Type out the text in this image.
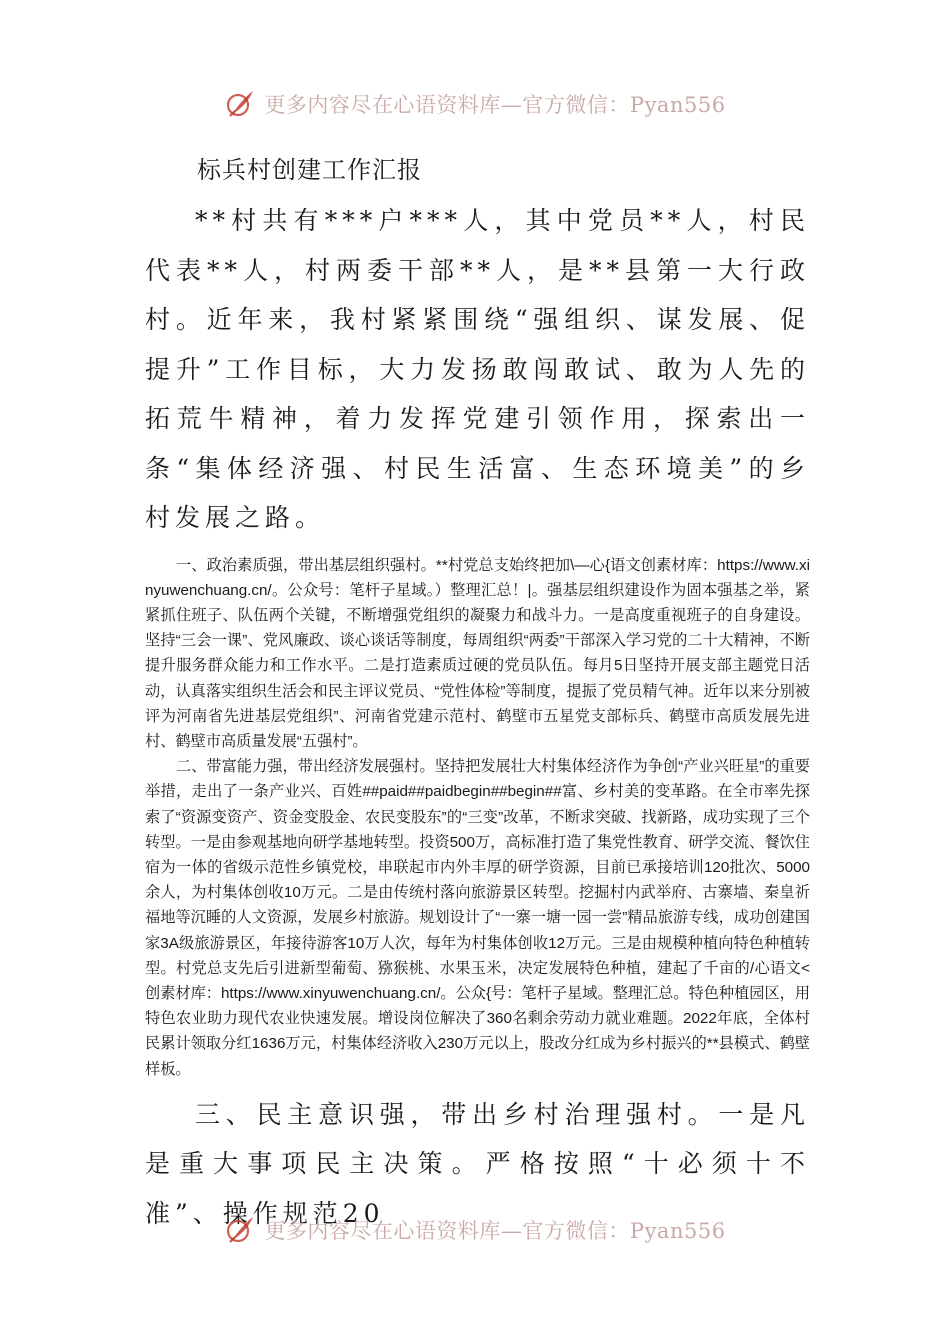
更多内容尽在心语资料库—官方微信：Pyan556
标兵村创建工作汇报

**村共有***户***人，其中党员**人，村民代表**人，村两委干部**人，是**县第一大行政村。近年来，我村紧紧围绕“强组织、谋发展、促提升”工作目标，大力发扬敢闯敢试、敢为人先的拓荒牛精神，着力发挥党建引领作用，探索出一条“集体经济强、村民生活富、生态环境美”的乡村发展之路。

一、政治素质强，带出基层组织强村。**村党总支始终把加\—心{语文创素材库：https://www.xinyuwenchuang.cn/。公众号：笔杆子星域。）整理汇总！|。强基层组织建设作为固本强基之举，紧紧抓住班子、队伍两个关键，不断增强党组织的凝聚力和战斗力。一是高度重视班子的自身建设。坚持“三会一课”、党风廉政、谈心谈话等制度，每周组织“两委”干部深入学习党的二十大精神，不断提升服务群众能力和工作水平。二是打造素质过硬的党员队伍。每月5日坚持开展支部主题党日活动，认真落实组织生活会和民主评议党员、“党性体检”等制度，提振了党员精气神。近年以来分别被评为河南省先进基层党组织”、河南省党建示范村、鹤壁市五星党支部标兵、鹤壁市高质发展先进村、鹤壁市高质量发展“五强村”。

二、带富能力强，带出经济发展强村。坚持把发展壮大村集体经济作为争创“产业兴旺星”的重要举措，走出了一条产业兴、百姓##paid##paidbegin##begin##富、乡村美的变革路。在全市率先探索了“资源变资产、资金变股金、农民变股东”的“三变”改革，不断求突破、找新路，成功实现了三个转型。一是由参观基地向研学基地转型。投资500万，高标准打造了集党性教育、研学交流、餐饮住宿为一体的省级示范性乡镇党校，串联起市内外丰厚的研学资源，目前已承接培训120批次、5000余人，为村集体创收10万元。二是由传统村落向旅游景区转型。挖掘村内武举府、古寨墙、秦皇祈福地等沉睡的人文资源，发展乡村旅游。规划设计了“一寨一塘一园一尝”精品旅游专线，成功创建国家3A级旅游景区，年接待游客10万人次，每年为村集体创收12万元。三是由规模种植向特色种植转型。村党总支先后引进新型葡萄、猕猴桃、水果玉米，决定发展特色种植，建起了千亩的/心语文<创素材库：https://www.xinyuwenchuang.cn/。公众{号：笔杆子星域。整理汇总。特色种植园区，用特色农业助力现代农业快速发展。增设岗位解决了360名剩余劳动力就业难题。2022年底，全体村民累计领取分红1636万元，村集体经济收入230万元以上，股改分红成为乡村振兴的**县模式、鹤壁样板。

三、民主意识强，带出乡村治理强村。一是凡是重大事项民主决策。严格按照“十必须十不准”、操作规范20

更多内容尽在心语资料库—官方微信：Pyan556
